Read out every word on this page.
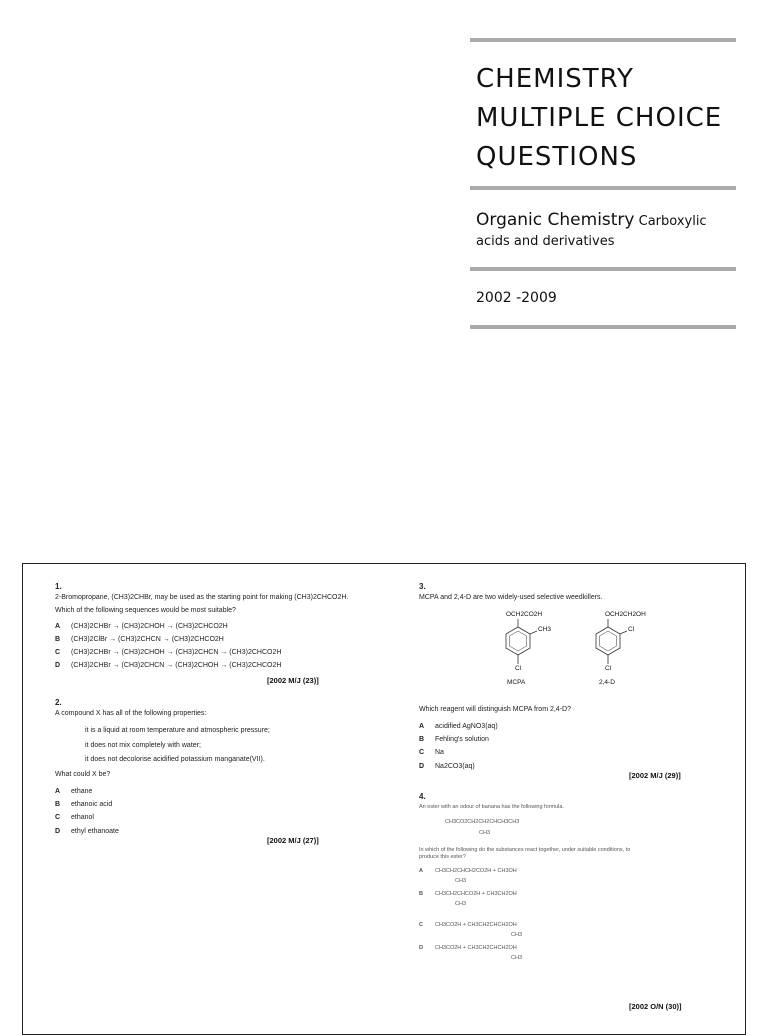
CHEMISTRY
MULTIPLE CHOICE
QUESTIONS
Organic Chemistry Carboxylic acids and derivatives
2002 -2009
1.
2-Bromopropane, (CH3)2CHBr, may be used as the starting point for making (CH3)2CHCO2H.
Which of the following sequences would be most suitable?
A	(CH3)2CHBr → (CH3)2CHOH → (CH3)2CHCO2H
B	(CH3)2ClBr → (CH3)2CHCN → (CH3)2CHCO2H
C	(CH3)2CHBr → (CH3)2CHOH → (CH3)2CHCN → (CH3)2CHCO2H
D	(CH3)2CHBr → (CH3)2CHCN → (CH3)2CHOH → (CH3)2CHCO2H
[2002 M/J (23)]
2.
A compound X has all of the following properties:
it is a liquid at room temperature and atmospheric pressure;
it does not mix completely with water;
it does not decolorise acidified potassium manganate(VII).
What could X be?
A	ethane
B	ethanoic acid
C	ethanol
D	ethyl ethanoate
[2002 M/J (27)]
3.
MCPA and 2,4-D are two widely-used selective weedkillers.
OCH2CO2H
CH3
Cl
MCPA
OCH2CH2OH
Cl
Cl
2,4-D
Which reagent will distinguish MCPA from 2,4-D?
A	acidified AgNO3(aq)
B	Fehling's solution
C	Na
D	Na2CO3(aq)
[2002 M/J (29)]
4.
An ester with an odour of banana has the following formula.
CH3CO2CH2CH2CHCH3CH3
CH3
In which of the following do the substances react together, under suitable conditions, to produce this ester?
A	CH3CH2CHCH2CO2H + CH3OH
CH3
B	CH3CH2CHCO2H + CH3CH2OH
CH3
C	CH3CO2H + CH3CH2CHCH2OH
CH3
D	CH3CO2H + CH3CH2CHCH2OH
CH3
[2002 O/N (30)]
